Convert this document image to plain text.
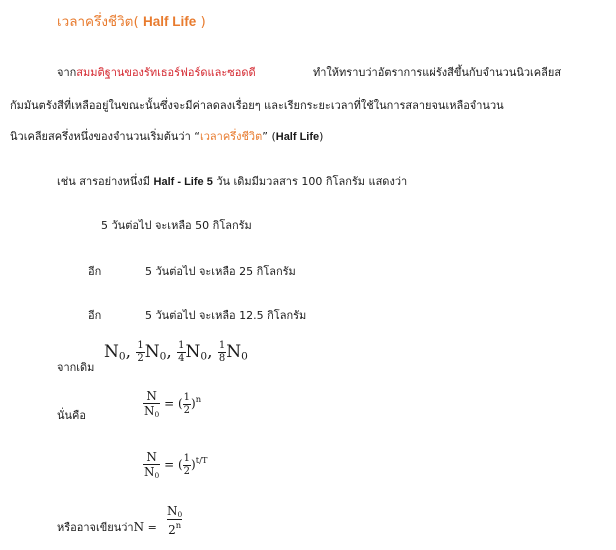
เวลาครึ่งชีวิต( Half Life )
จากสมมติฐานของรัทเธอร์ฟอร์ดและซอดดี	ทำให้ทราบว่าอัตราการแผ่รังสีขึ้นกับจำนวนนิวเคลียส
กัมมันตรังสีที่เหลืออยู่ในขณะนั้นซึ่งจะมีค่าลดลงเรื่อยๆ และเรียกระยะเวลาที่ใช้ในการสลายจนเหลือจำนวน
นิวเคลียสครึ่งหนึ่งของจำนวนเริ่มต้นว่า “เวลาครึ่งชีวิต” (Half Life)
เช่น สารอย่างหนึ่งมี Half - Life 5 วัน เดิมมีมวลสาร 100 กิโลกรัม แสดงว่า
5 วันต่อไป จะเหลือ 50 กิโลกรัม
อีก	5 วันต่อไป จะเหลือ 25 กิโลกรัม
อีก	5 วันต่อไป จะเหลือ 12.5 กิโลกรัม
จากเดิม
$N_0$, $\frac{1}{2} N_0$, $\frac{1}{4} N_0$, $\frac{1}{8} N_0$
นั่นคือ	$\frac{N}{N_0}$ = ( $\frac{1}{2} )^n$
$\frac{N}{N_0}$ = ( $\frac{1}{2} )^{t/T}$
หรืออาจเขียนว่า$N = \frac{N_0}{2^n}$
